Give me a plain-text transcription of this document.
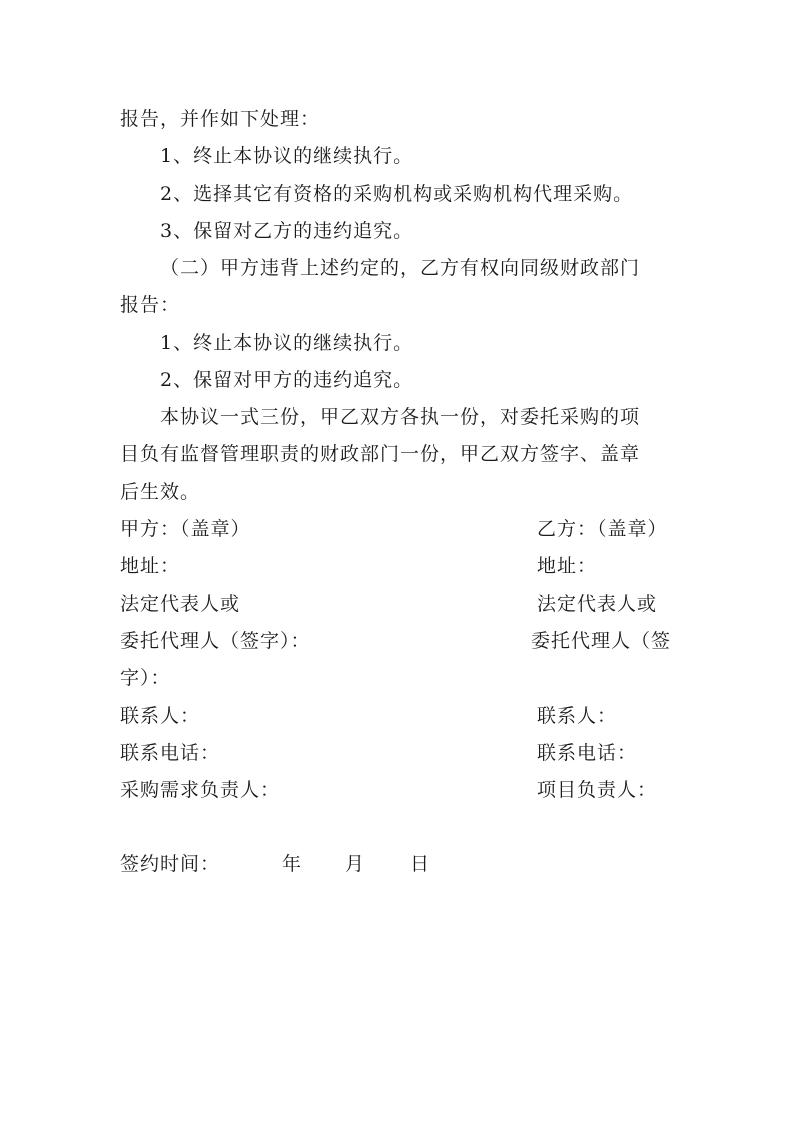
报告，并作如下处理：
1、终止本协议的继续执行。
2、选择其它有资格的采购机构或采购机构代理采购。
3、保留对乙方的违约追究。
（二）甲方违背上述约定的，乙方有权向同级财政部门
报告：
1、终止本协议的继续执行。
2、保留对甲方的违约追究。
本协议一式三份，甲乙双方各执一份，对委托采购的项
目负有监督管理职责的财政部门一份，甲乙双方签字、盖章
后生效。
甲方：（盖章）	乙方：（盖章）
地址：	地址：
法定代表人或	法定代表人或
委托代理人（签字）：	委托代理人（签
字）：
联系人：	联系人：
联系电话：	联系电话：
采购需求负责人：	项目负责人：
签约时间：	年 月 日
